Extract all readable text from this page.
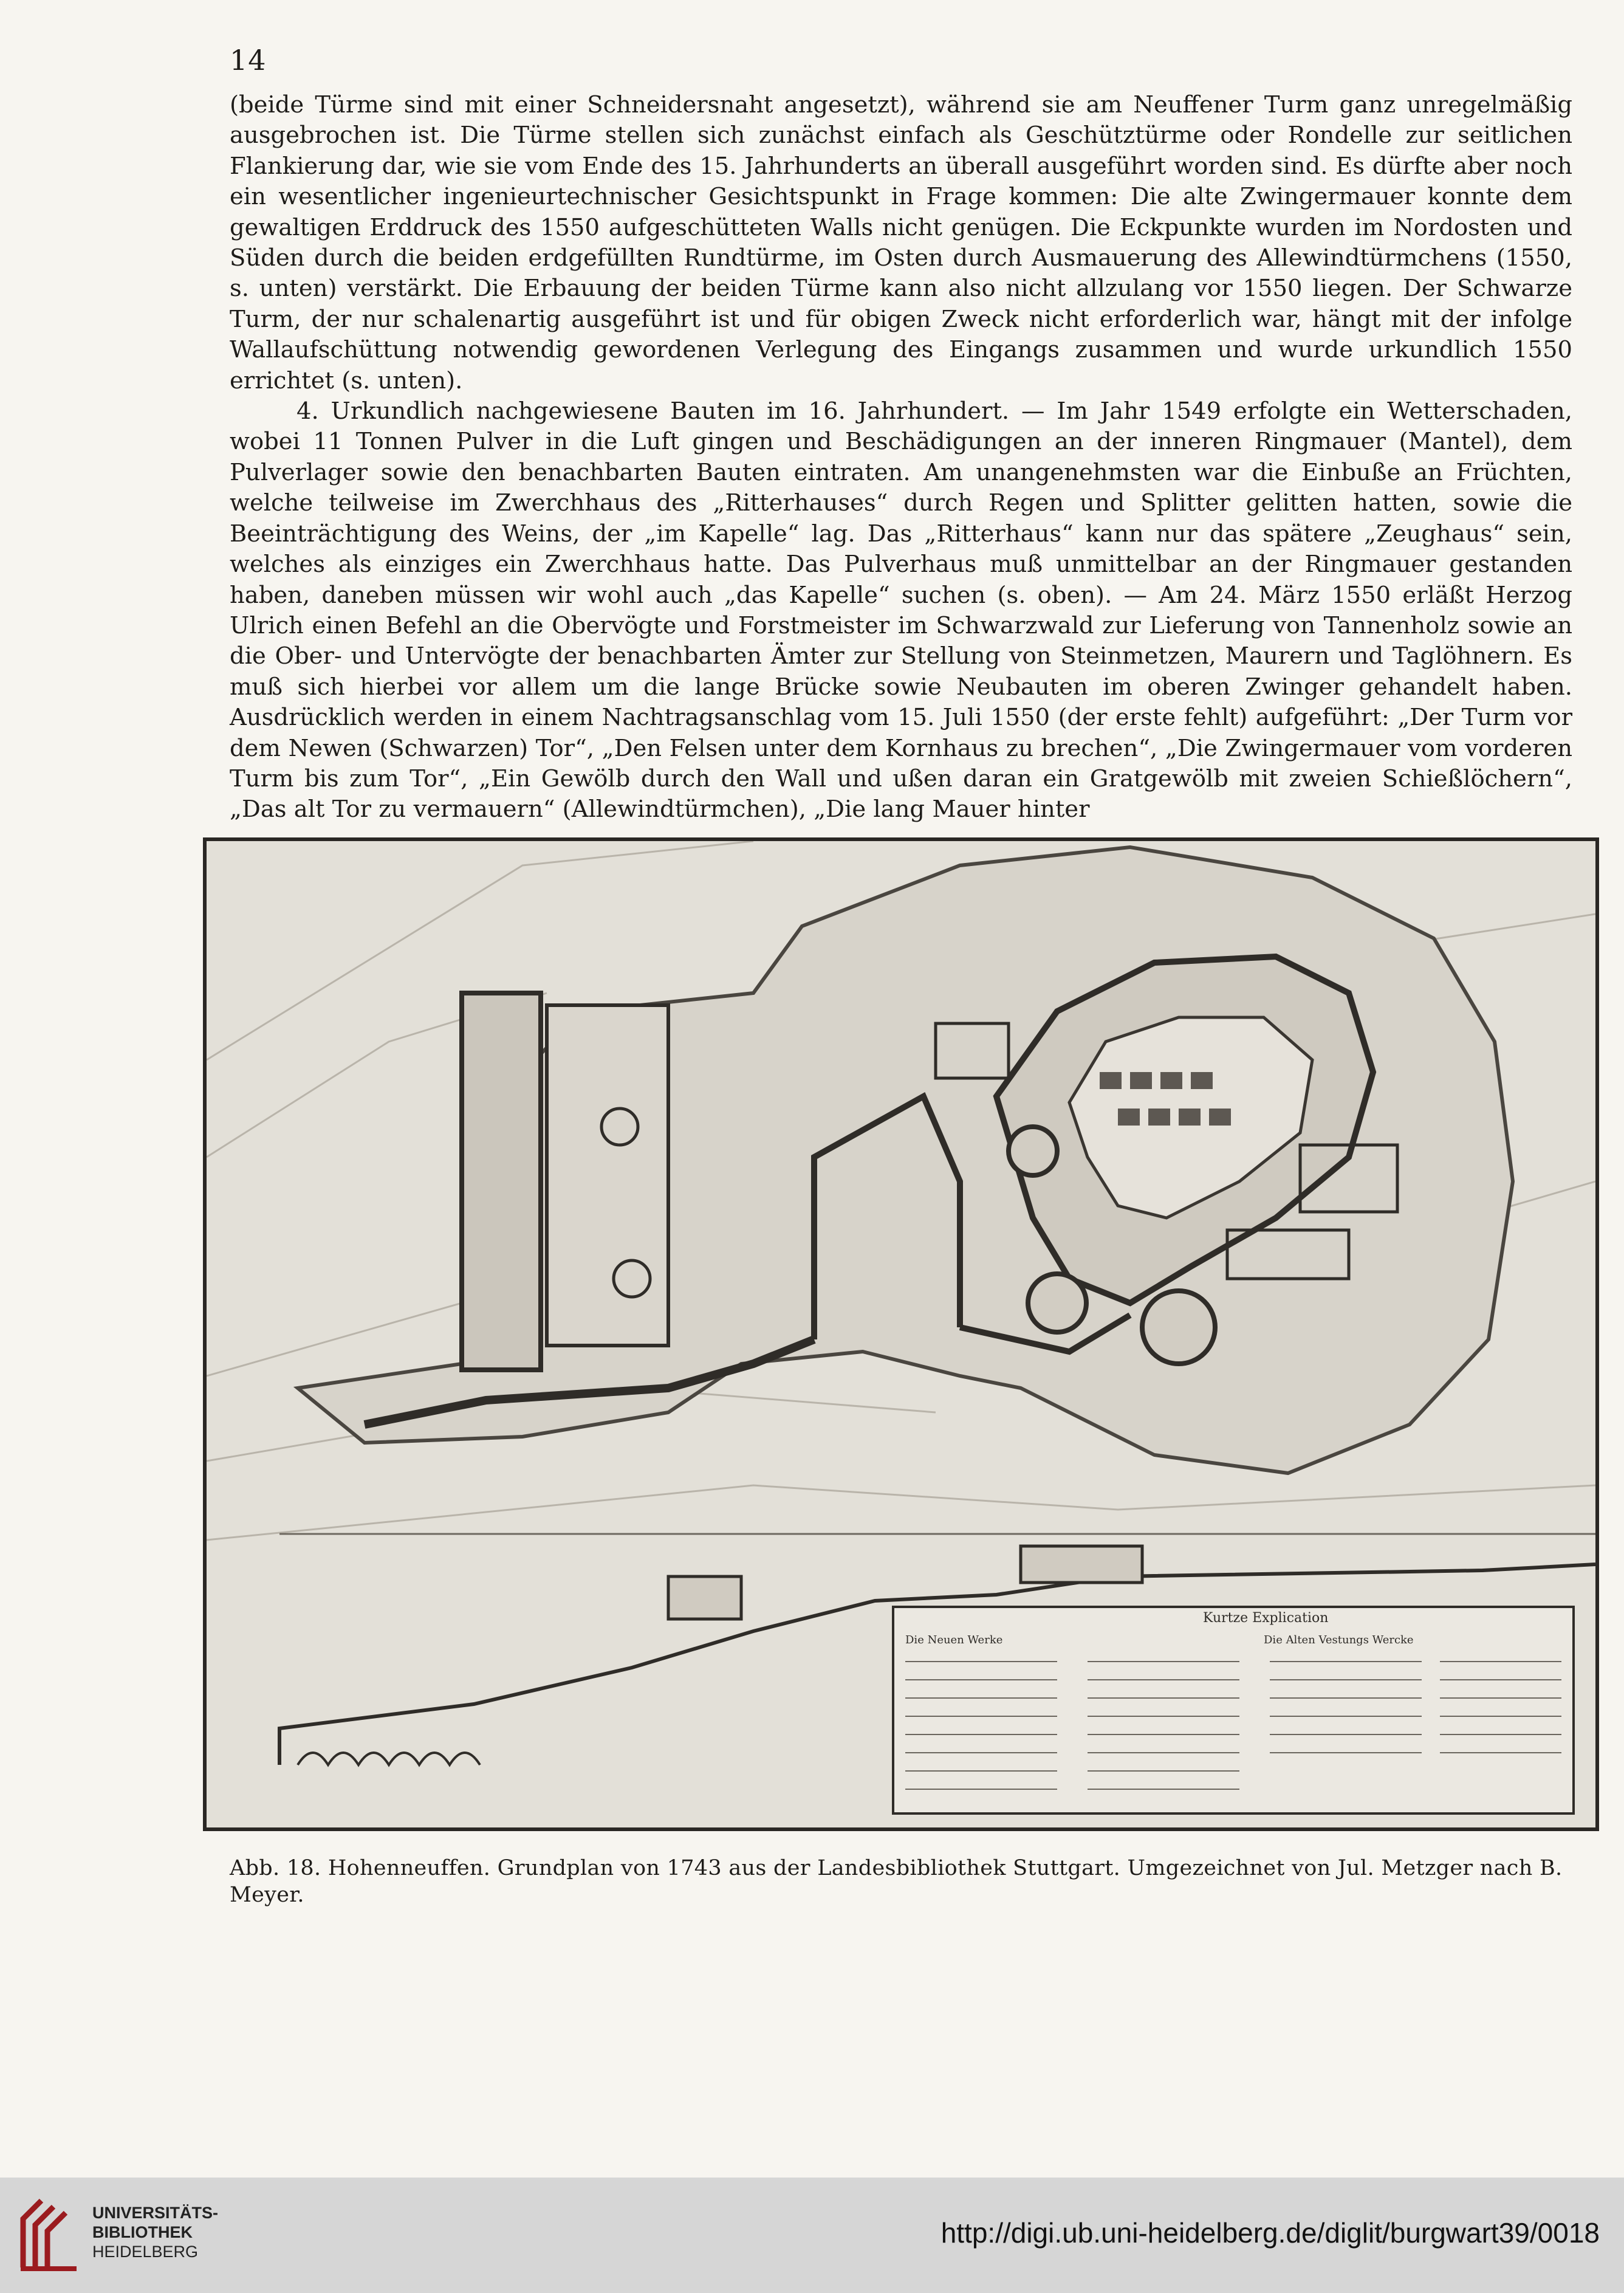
14

(beide Türme sind mit einer Schneidersnaht angesetzt), während sie am Neuffener Turm ganz unregelmäßig ausgebrochen ist. Die Türme stellen sich zunächst einfach als Geschütztürme oder Rondelle zur seitlichen Flankierung dar, wie sie vom Ende des 15. Jahrhunderts an überall ausgeführt worden sind. Es dürfte aber noch ein wesentlicher ingenieurtechnischer Gesichtspunkt in Frage kommen: Die alte Zwingermauer konnte dem gewaltigen Erddruck des 1550 aufgeschütteten Walls nicht genügen. Die Eckpunkte wurden im Nordosten und Süden durch die beiden erdgefüllten Rundtürme, im Osten durch Ausmauerung des Allewindtürmchens (1550, s. unten) verstärkt. Die Erbauung der beiden Türme kann also nicht allzulang vor 1550 liegen. Der Schwarze Turm, der nur schalenartig ausgeführt ist und für obigen Zweck nicht erforderlich war, hängt mit der infolge Wallaufschüttung notwendig gewordenen Verlegung des Eingangs zusammen und wurde urkundlich 1550 errichtet (s. unten).

4. Urkundlich nachgewiesene Bauten im 16. Jahrhundert. — Im Jahr 1549 erfolgte ein Wetterschaden, wobei 11 Tonnen Pulver in die Luft gingen und Beschädigungen an der inneren Ringmauer (Mantel), dem Pulverlager sowie den benachbarten Bauten eintraten. Am unangenehmsten war die Einbuße an Früchten, welche teilweise im Zwerchhaus des „Ritterhauses“ durch Regen und Splitter gelitten hatten, sowie die Beeinträchtigung des Weins, der „im Kapelle“ lag. Das „Ritterhaus“ kann nur das spätere „Zeughaus“ sein, welches als einziges ein Zwerchhaus hatte. Das Pulverhaus muß unmittelbar an der Ringmauer gestanden haben, daneben müssen wir wohl auch „das Kapelle“ suchen (s. oben). — Am 24. März 1550 erläßt Herzog Ulrich einen Befehl an die Obervögte und Forstmeister im Schwarzwald zur Lieferung von Tannenholz sowie an die Ober- und Untervögte der benachbarten Ämter zur Stellung von Steinmetzen, Maurern und Taglöhnern. Es muß sich hierbei vor allem um die lange Brücke sowie Neubauten im oberen Zwinger gehandelt haben. Ausdrücklich werden in einem Nachtragsanschlag vom 15. Juli 1550 (der erste fehlt) aufgeführt: „Der Turm vor dem Newen (Schwarzen) Tor“, „Den Felsen unter dem Kornhaus zu brechen“, „Die Zwingermauer vom vorderen Turm bis zum Tor“, „Ein Gewölb durch den Wall und ußen daran ein Gratgewölb mit zweien Schießlöchern“, „Das alt Tor zu vermauern“ (Allewindtürmchen), „Die lang Mauer hinter

Kurtze Explication
Die Neuen Werke	Die Alten Vestungs Wercke
Abb. 18. Hohenneuffen. Grundplan von 1743 aus der Landesbibliothek Stuttgart. Umgezeichnet von Jul. Metzger nach B. Meyer.
UNIVERSITÄTS-
BIBLIOTHEK
HEIDELBERG
http://digi.ub.uni-heidelberg.de/diglit/burgwart39/0018
